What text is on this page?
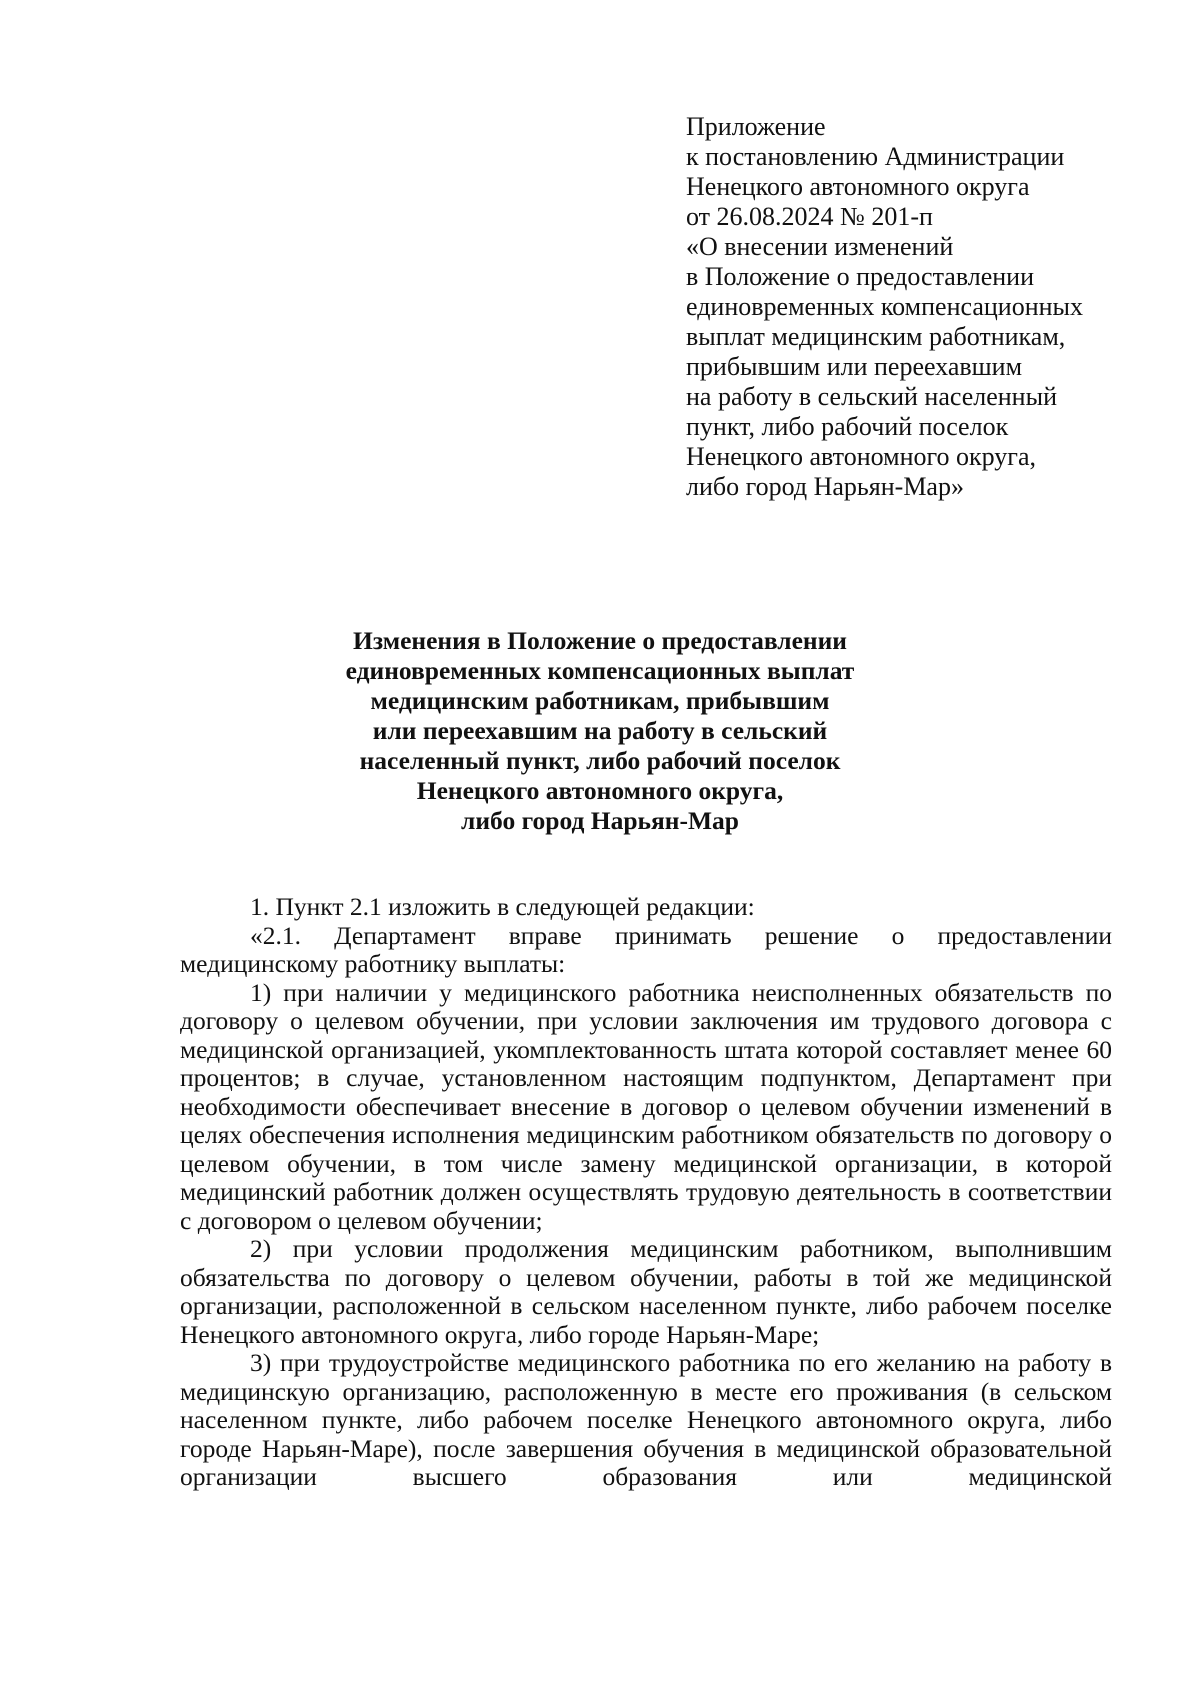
Приложение
к постановлению Администрации
Ненецкого автономного округа
от 26.08.2024 № 201-п
«О внесении изменений
в Положение о предоставлении
единовременных компенсационных
выплат медицинским работникам,
прибывшим или переехавшим
на работу в сельский населенный
пункт, либо рабочий поселок
Ненецкого автономного округа,
либо город Нарьян-Мар»
Изменения в Положение о предоставлении
единовременных компенсационных выплат
медицинским работникам, прибывшим
или переехавшим на работу в сельский
населенный пункт, либо рабочий поселок
Ненецкого автономного округа,
либо город Нарьян-Мар

1. Пункт 2.1 изложить в следующей редакции:

«2.1. Департамент вправе принимать решение о предоставлении медицинскому работнику выплаты:

1) при наличии у медицинского работника неисполненных обязательств по договору о целевом обучении, при условии заключения им трудового договора с медицинской организацией, укомплектованность штата которой составляет менее 60 процентов; в случае, установленном настоящим подпунктом, Департамент при необходимости обеспечивает внесение в договор о целевом обучении изменений в целях обеспечения исполнения медицинским работником обязательств по договору о целевом обучении, в том числе замену медицинской организации, в которой медицинский работник должен осуществлять трудовую деятельность в соответствии с договором о целевом обучении;

2) при условии продолжения медицинским работником, выполнившим обязательства по договору о целевом обучении, работы в той же медицинской организации, расположенной в сельском населенном пункте, либо рабочем поселке Ненецкого автономного округа, либо городе Нарьян-Маре;

3) при трудоустройстве медицинского работника по его желанию на работу в медицинскую организацию, расположенную в месте его проживания (в сельском населенном пункте, либо рабочем поселке Ненецкого автономного округа, либо городе Нарьян-Маре), после завершения обучения в медицинской образовательной организации высшего образования или медицинской
